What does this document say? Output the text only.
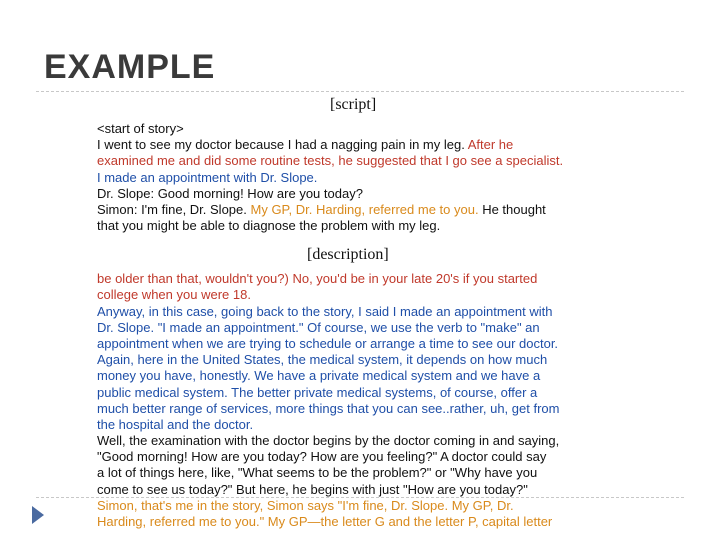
EXAMPLE
[script]
<start of story>
I went to see my doctor because I had a nagging pain in my leg. After he
examined me and did some routine tests, he suggested that I go see a specialist.
I made an appointment with Dr. Slope.
Dr. Slope: Good morning! How are you today?
Simon: I'm fine, Dr. Slope. My GP, Dr. Harding, referred me to you. He thought
that you might be able to diagnose the problem with my leg.
[description]
be older than that, wouldn't you?) No, you'd be in your late 20's if you started
college when you were 18.
Anyway, in this case, going back to the story, I said I made an appointment with
Dr. Slope. "I made an appointment." Of course, we use the verb to "make" an
appointment when we are trying to schedule or arrange a time to see our doctor.
Again, here in the United States, the medical system, it depends on how much
money you have, honestly. We have a private medical system and we have a
public medical system. The better private medical systems, of course, offer a
much better range of services, more things that you can see..rather, uh, get from
the hospital and the doctor.
Well, the examination with the doctor begins by the doctor coming in and saying,
"Good morning! How are you today? How are you feeling?" A doctor could say
a lot of things here, like, "What seems to be the problem?" or "Why have you
come to see us today?" But here, he begins with just "How are you today?"
Simon, that's me in the story, Simon says "I'm fine, Dr. Slope. My GP, Dr.
Harding, referred me to you." My GP—the letter G and the letter P, capital letter
